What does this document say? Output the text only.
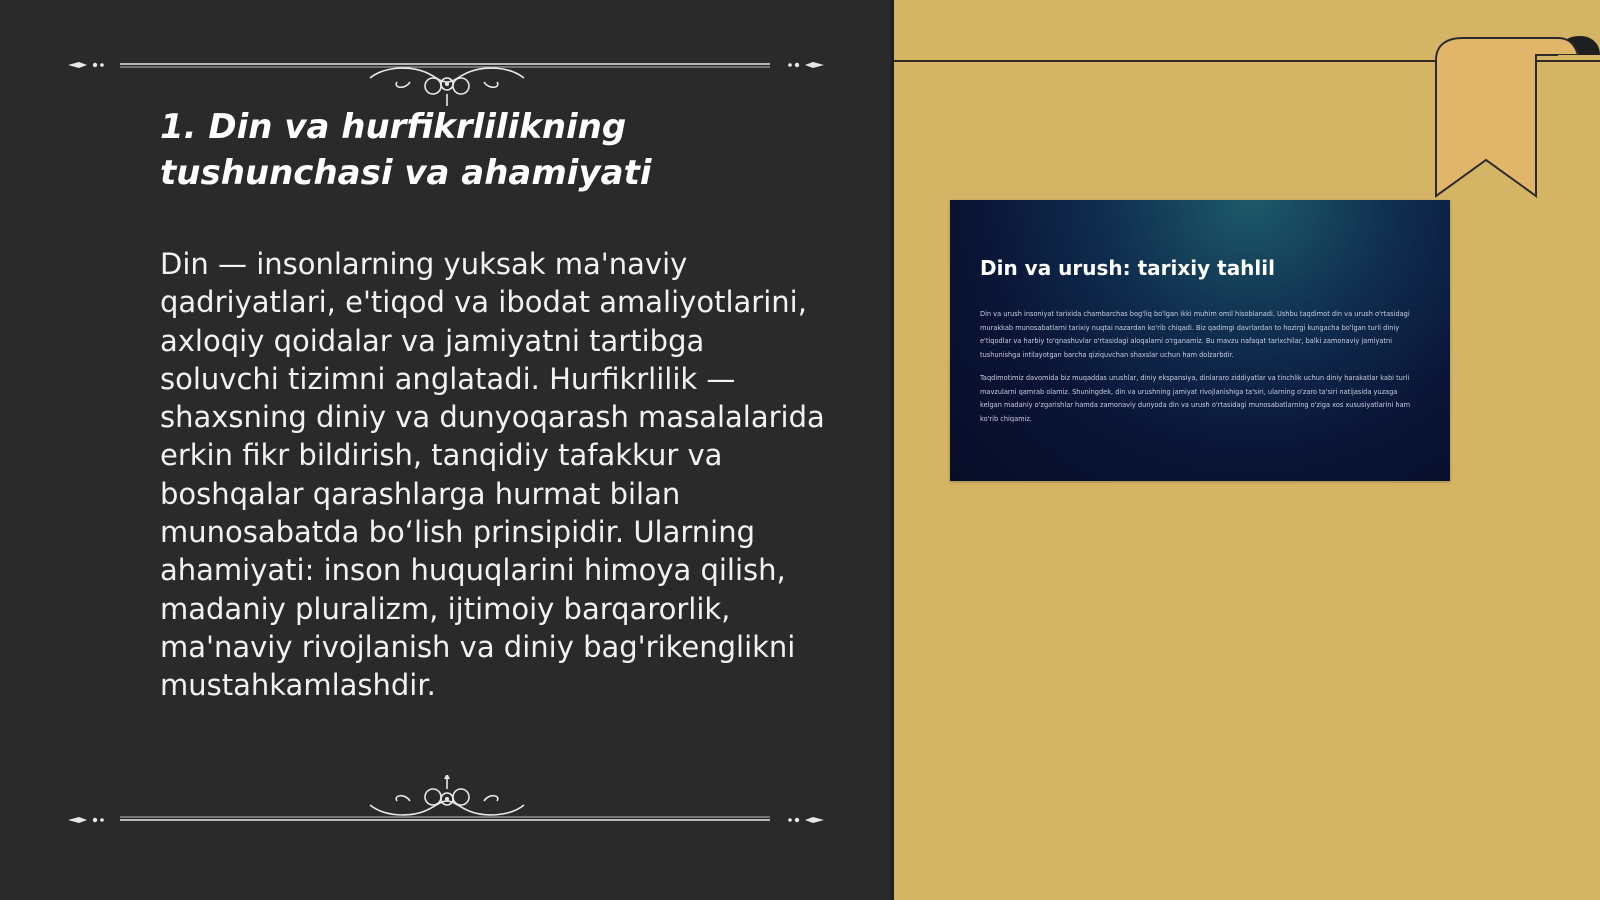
1. Din va hurfikrlilikning tushunchasi va ahamiyati

Din — insonlarning yuksak ma'naviy qadriyatlari, e'tiqod va ibodat amaliyotlarini, axloqiy qoidalar va jamiyatni tartibga soluvchi tizimni anglatadi. Hurfikrlilik — shaxsning diniy va dunyoqarash masalalarida erkin fikr bildirish, tanqidiy tafakkur va boshqalar qarashlarga hurmat bilan munosabatda bo‘lish prinsipidir. Ularning ahamiyati: inson huquqlarini himoya qilish, madaniy pluralizm, ijtimoiy barqarorlik, ma'naviy rivojlanish va diniy bag'rikenglikni mustahkamlashdir.

Din va urush: tarixiy tahlil

Din va urush insoniyat tarixida chambarchas bog'liq bo'lgan ikki muhim omil hisoblanadi. Ushbu taqdimot din va urush o'rtasidagi murakkab munosabatlarni tarixiy nuqtai nazardan ko'rib chiqadi. Biz qadimgi davrlardan to hozirgi kungacha bo'lgan turli diniy e'tiqodlar va harbiy to'qnashuvlar o'rtasidagi aloqalarni o'rganamiz. Bu mavzu nafaqat tarixchilar, balki zamonaviy jamiyatni tushunishga intilayotgan barcha qiziquvchan shaxslar uchun ham dolzarbdir.

Taqdimotimiz davomida biz muqaddas urushlar, diniy ekspansiya, dinlararo ziddiyatlar va tinchlik uchun diniy harakatlar kabi turli mavzularni qamrab olamiz. Shuningdek, din va urushning jamiyat rivojlanishiga ta'siri, ularning o'zaro ta'siri natijasida yuzaga kelgan madaniy o'zgarishlar hamda zamonaviy dunyoda din va urush o'rtasidagi munosabatlarning o'ziga xos xususiyatlarini ham ko'rib chiqamiz.
